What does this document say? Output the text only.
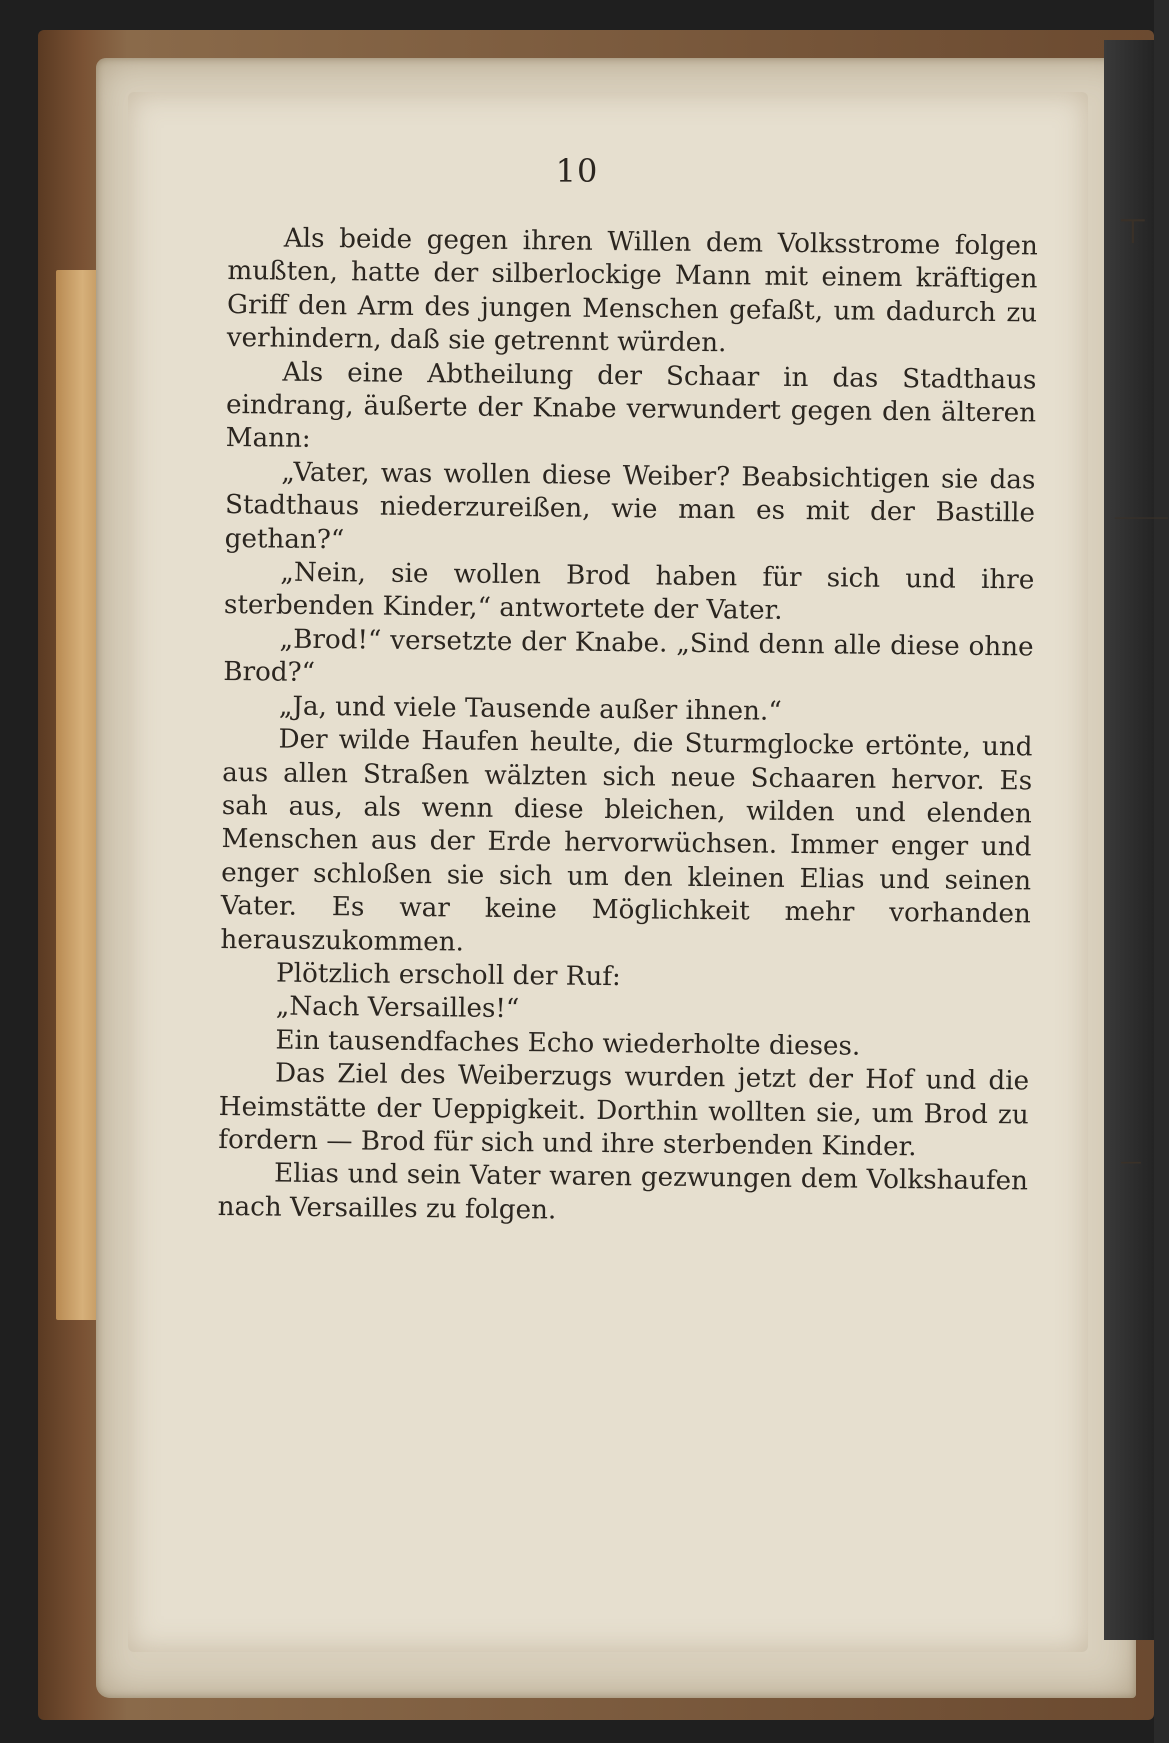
⊤
⸻
—
10

Als beide gegen ihren Willen dem Volksstrome folgen mußten, hatte der silberlockige Mann mit einem kräftigen Griff den Arm des jungen Menschen gefaßt, um dadurch zu verhindern, daß sie getrennt würden.

Als eine Abtheilung der Schaar in das Stadthaus eindrang, äußerte der Knabe verwundert gegen den älteren Mann:

„Vater, was wollen diese Weiber? Beabsichtigen sie das Stadthaus niederzureißen, wie man es mit der Bastille gethan?“

„Nein, sie wollen Brod haben für sich und ihre sterbenden Kinder,“ antwortete der Vater.

„Brod!“ versetzte der Knabe. „Sind denn alle diese ohne Brod?“

„Ja, und viele Tausende außer ihnen.“

Der wilde Haufen heulte, die Sturmglocke ertönte, und aus allen Straßen wälzten sich neue Schaaren hervor. Es sah aus, als wenn diese bleichen, wilden und elenden Menschen aus der Erde hervorwüchsen. Immer enger und enger schloßen sie sich um den kleinen Elias und seinen Vater. Es war keine Möglichkeit mehr vorhanden herauszukommen.

Plötzlich erscholl der Ruf:

„Nach Versailles!“

Ein tausendfaches Echo wiederholte dieses.

Das Ziel des Weiberzugs wurden jetzt der Hof und die Heimstätte der Ueppigkeit. Dorthin wollten sie, um Brod zu fordern — Brod für sich und ihre sterbenden Kinder.

Elias und sein Vater waren gezwungen dem Volkshaufen nach Versailles zu folgen.
